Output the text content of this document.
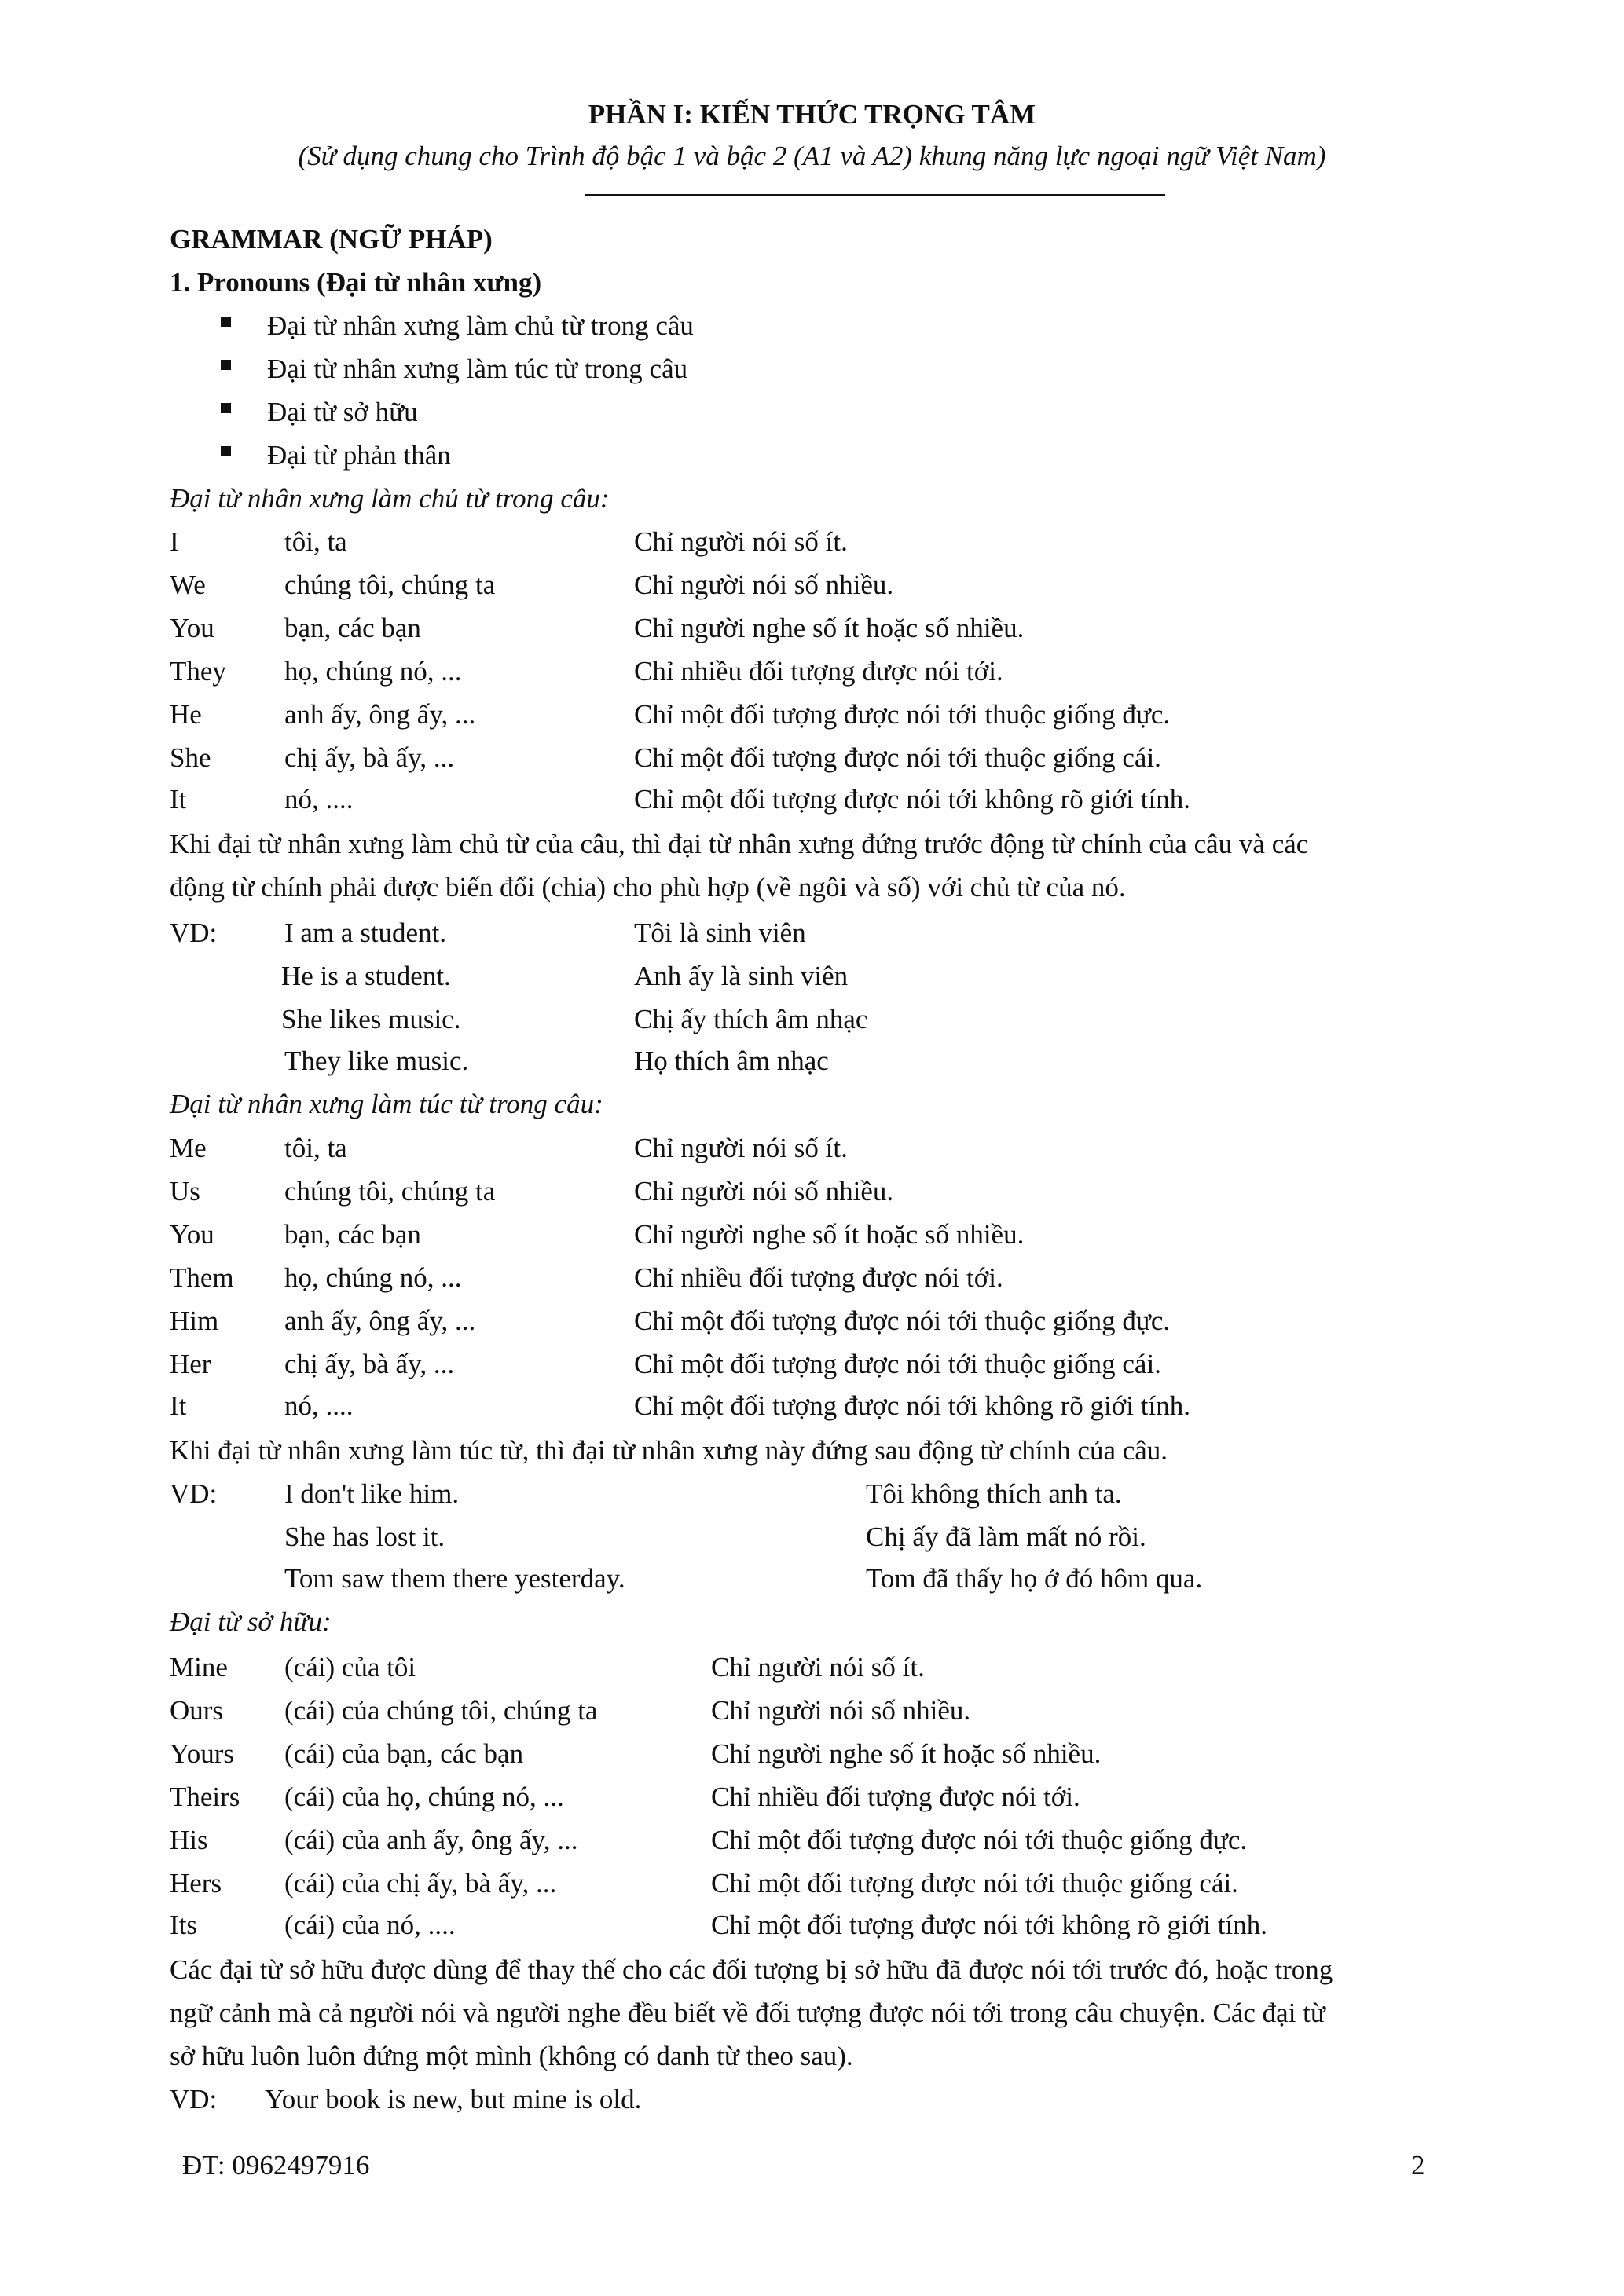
PHẦN I: KIẾN THỨC TRỌNG TÂM
(Sử dụng chung cho Trình độ bậc 1 và bậc 2 (A1 và A2) khung năng lực ngoại ngữ Việt Nam)
GRAMMAR (NGỮ PHÁP)
1. Pronouns (Đại từ nhân xưng)
Đại từ nhân xưng làm chủ từ trong câu
Đại từ nhân xưng làm túc từ trong câu
Đại từ sở hữu
Đại từ phản thân
Đại từ nhân xưng làm chủ từ trong câu:
I	tôi, ta	Chỉ người nói số ít.
We	chúng tôi, chúng ta	Chỉ người nói số nhiều.
You	bạn, các bạn	Chỉ người nghe số ít hoặc số nhiều.
They họ, chúng nó, ...	Chỉ nhiều đối tượng được nói tới.
He	anh ấy, ông ấy, ...	Chỉ một đối tượng được nói tới thuộc giống đực.
She	chị ấy, bà ấy, ...	Chỉ một đối tượng được nói tới thuộc giống cái.
It	nó, ....	Chỉ một đối tượng được nói tới không rõ giới tính.
Khi đại từ nhân xưng làm chủ từ của câu, thì đại từ nhân xưng đứng trước động từ chính của câu và các
động từ chính phải được biến đổi (chia) cho phù hợp (về ngôi và số) với chủ từ của nó.
VD: I am a student.	Tôi là sinh viên
He is a student.	Anh ấy là sinh viên
She likes music.	Chị ấy thích âm nhạc
They like music.	Họ thích âm nhạc
Đại từ nhân xưng làm túc từ trong câu:
Me	tôi, ta	Chỉ người nói số ít.
Us	chúng tôi, chúng ta	Chỉ người nói số nhiều.
You	bạn, các bạn	Chỉ người nghe số ít hoặc số nhiều.
Them họ, chúng nó, ...	Chỉ nhiều đối tượng được nói tới.
Him anh ấy, ông ấy, ...	Chỉ một đối tượng được nói tới thuộc giống đực.
Her	chị ấy, bà ấy, ...	Chỉ một đối tượng được nói tới thuộc giống cái.
It	nó, ....	Chỉ một đối tượng được nói tới không rõ giới tính.
Khi đại từ nhân xưng làm túc từ, thì đại từ nhân xưng này đứng sau động từ chính của câu.
VD: I don't like him.	Tôi không thích anh ta.
She has lost it.	Chị ấy đã làm mất nó rồi.
Tom saw them there yesterday.	Tom đã thấy họ ở đó hôm qua.
Đại từ sở hữu:
Mine (cái) của tôi	Chỉ người nói số ít.
Ours (cái) của chúng tôi, chúng ta	Chỉ người nói số nhiều.
Yours (cái) của bạn, các bạn	Chỉ người nghe số ít hoặc số nhiều.
Theirs (cái) của họ, chúng nó, ...	Chỉ nhiều đối tượng được nói tới.
His	(cái) của anh ấy, ông ấy, ...	Chỉ một đối tượng được nói tới thuộc giống đực.
Hers (cái) của chị ấy, bà ấy, ...	Chỉ một đối tượng được nói tới thuộc giống cái.
Its	(cái) của nó, ....	Chỉ một đối tượng được nói tới không rõ giới tính.
Các đại từ sở hữu được dùng để thay thế cho các đối tượng bị sở hữu đã được nói tới trước đó, hoặc trong
ngữ cảnh mà cả người nói và người nghe đều biết về đối tượng được nói tới trong câu chuyện. Các đại từ
sở hữu luôn luôn đứng một mình (không có danh từ theo sau).
VD: Your book is new, but mine is old.
ĐT: 0962497916	2
